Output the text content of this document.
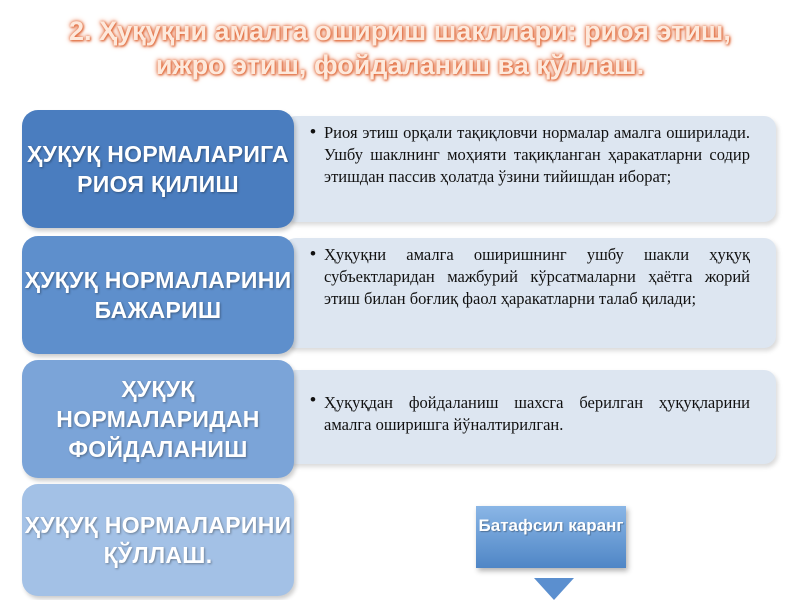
2. Ҳуқуқни амалга ошириш шакллари: риоя этиш, ижро этиш, фойдаланиш ва қўллаш.
ҲУҚУҚ НОРМАЛАРИГА РИОЯ ҚИЛИШ
• Риоя этиш орқали тақиқловчи нормалар амалга оширилади. Ушбу шаклнинг моҳияти тақиқланган ҳаракатларни содир этишдан пассив ҳолатда ўзини тийишдан иборат;
ҲУҚУҚ НОРМАЛАРИНИ БАЖАРИШ
• Ҳуқуқни амалга оширишнинг ушбу шакли ҳуқуқ субъектларидан мажбурий кўрсатмаларни ҳаётга жорий этиш билан боғлиқ фаол ҳаракатларни талаб қилади;
ҲУҚУҚ НОРМАЛАРИДАН ФОЙДАЛАНИШ
• Ҳуқуқдан фойдаланиш шахсга берилган ҳуқуқларини амалга оширишга йўналтирилган.
ҲУҚУҚ НОРМАЛАРИНИ ҚЎЛЛАШ.
Батафсил каранг
